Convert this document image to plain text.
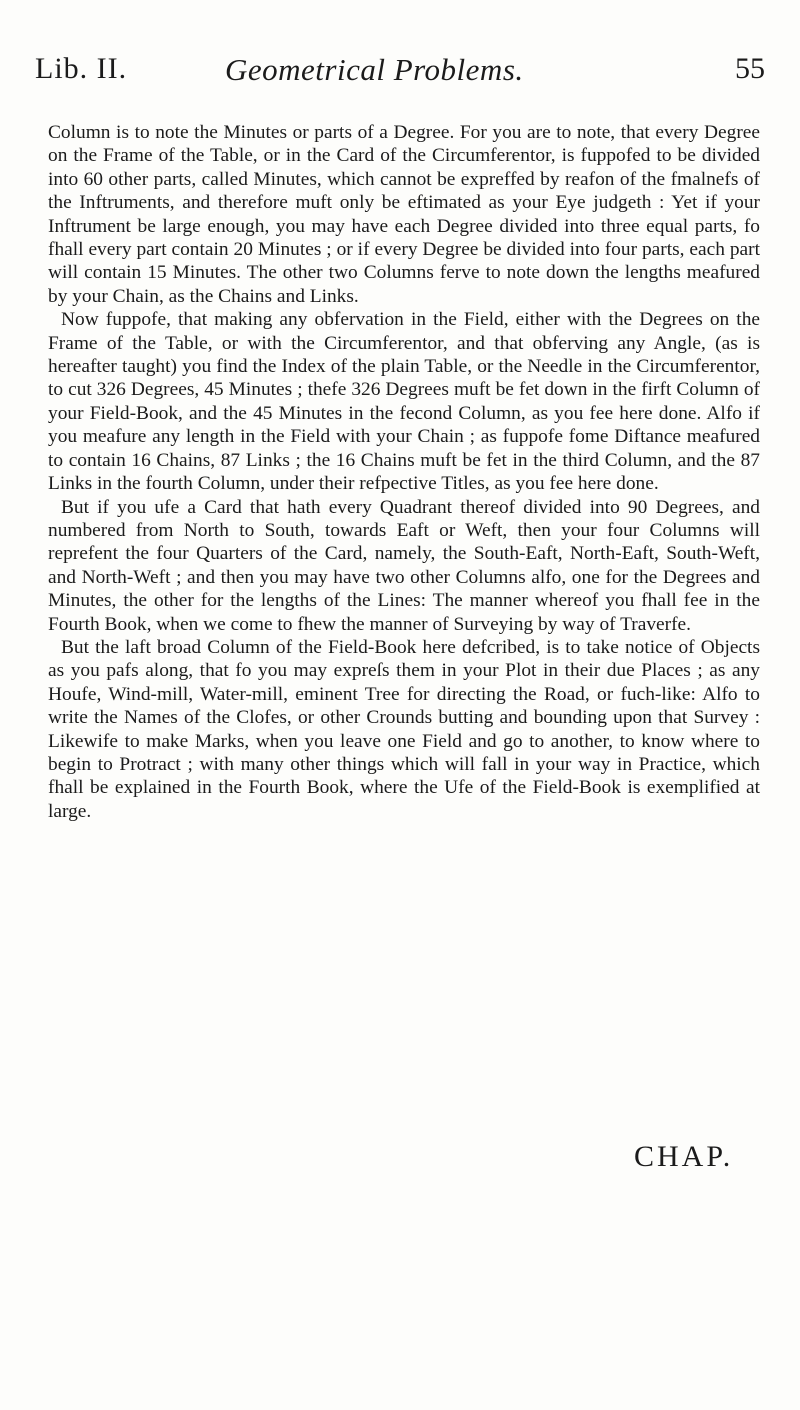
Lib. II.	Geometrical Problems.	55

Column is to note the Minutes or parts of a Degree. For you are to note, that every Degree on the Frame of the Table, or in the Card of the Circumferentor, is fuppofed to be divided into 60 other parts, called Minutes, which cannot be expreffed by reafon of the fmalnefs of the Inftruments, and therefore muft only be eftimated as your Eye judgeth : Yet if your Inftrument be large enough, you may have each Degree divided into three equal parts, fo fhall every part contain 20 Minutes ; or if every Degree be divided into four parts, each part will contain 15 Minutes. The other two Columns ferve to note down the lengths meafured by your Chain, as the Chains and Links.

Now fuppofe, that making any obfervation in the Field, either with the Degrees on the Frame of the Table, or with the Circumferentor, and that obferving any Angle, (as is hereafter taught) you find the Index of the plain Table, or the Needle in the Circumferentor, to cut 326 Degrees, 45 Minutes ; thefe 326 Degrees muft be fet down in the firft Column of your Field-Book, and the 45 Minutes in the fecond Column, as you fee here done. Alfo if you meafure any length in the Field with your Chain ; as fuppofe fome Diftance meafured to contain 16 Chains, 87 Links ; the 16 Chains muft be fet in the third Column, and the 87 Links in the fourth Column, under their refpective Titles, as you fee here done.

But if you ufe a Card that hath every Quadrant thereof divided into 90 Degrees, and numbered from North to South, towards Eaft or Weft, then your four Columns will reprefent the four Quarters of the Card, namely, the South-Eaft, North-Eaft, South-Weft, and North-Weft ; and then you may have two other Columns alfo, one for the Degrees and Minutes, the other for the lengths of the Lines: The manner whereof you fhall fee in the Fourth Book, when we come to fhew the manner of Surveying by way of Traverfe.

But the laft broad Column of the Field-Book here defcribed, is to take notice of Objects as you pafs along, that fo you may expreſs them in your Plot in their due Places ; as any Houfe, Wind-mill, Water-mill, eminent Tree for directing the Road, or fuch-like: Alfo to write the Names of the Clofes, or other Crounds butting and bounding upon that Survey : Likewife to make Marks, when you leave one Field and go to another, to know where to begin to Protract ; with many other things which will fall in your way in Practice, which fhall be explained in the Fourth Book, where the Ufe of the Field-Book is exemplified at large.

CHAP.
